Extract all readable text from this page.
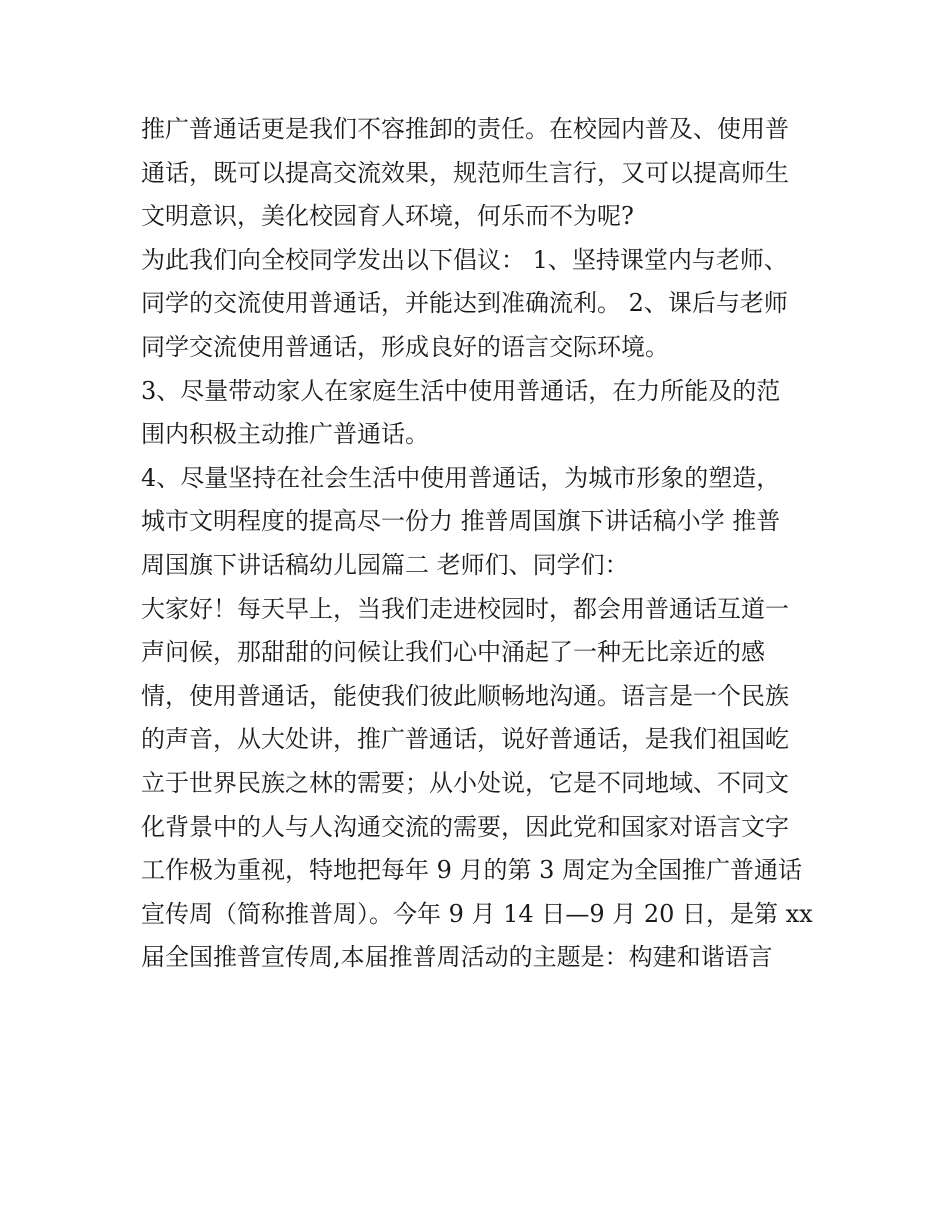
推广普通话更是我们不容推卸的责任。在校园内普及、使用普
通话，既可以提高交流效果，规范师生言行，又可以提高师生
文明意识，美化校园育人环境，何乐而不为呢?
为此我们向全校同学发出以下倡议： 1、坚持课堂内与老师、
同学的交流使用普通话，并能达到准确流利。 2、课后与老师
同学交流使用普通话，形成良好的语言交际环境。
3、尽量带动家人在家庭生活中使用普通话，在力所能及的范
围内积极主动推广普通话。
4、尽量坚持在社会生活中使用普通话，为城市形象的塑造，
城市文明程度的提高尽一份力 推普周国旗下讲话稿小学 推普
周国旗下讲话稿幼儿园篇二 老师们、同学们：
大家好！每天早上，当我们走进校园时，都会用普通话互道一
声问候，那甜甜的问候让我们心中涌起了一种无比亲近的感
情，使用普通话，能使我们彼此顺畅地沟通。语言是一个民族
的声音，从大处讲，推广普通话，说好普通话，是我们祖国屹
立于世界民族之林的需要；从小处说，它是不同地域、不同文
化背景中的人与人沟通交流的需要，因此党和国家对语言文字
工作极为重视，特地把每年 9 月的第 3 周定为全国推广普通话
宣传周（简称推普周）。今年 9 月 14 日—9 月 20 日，是第 xx
届全国推普宣传周,本届推普周活动的主题是：构建和谐语言
